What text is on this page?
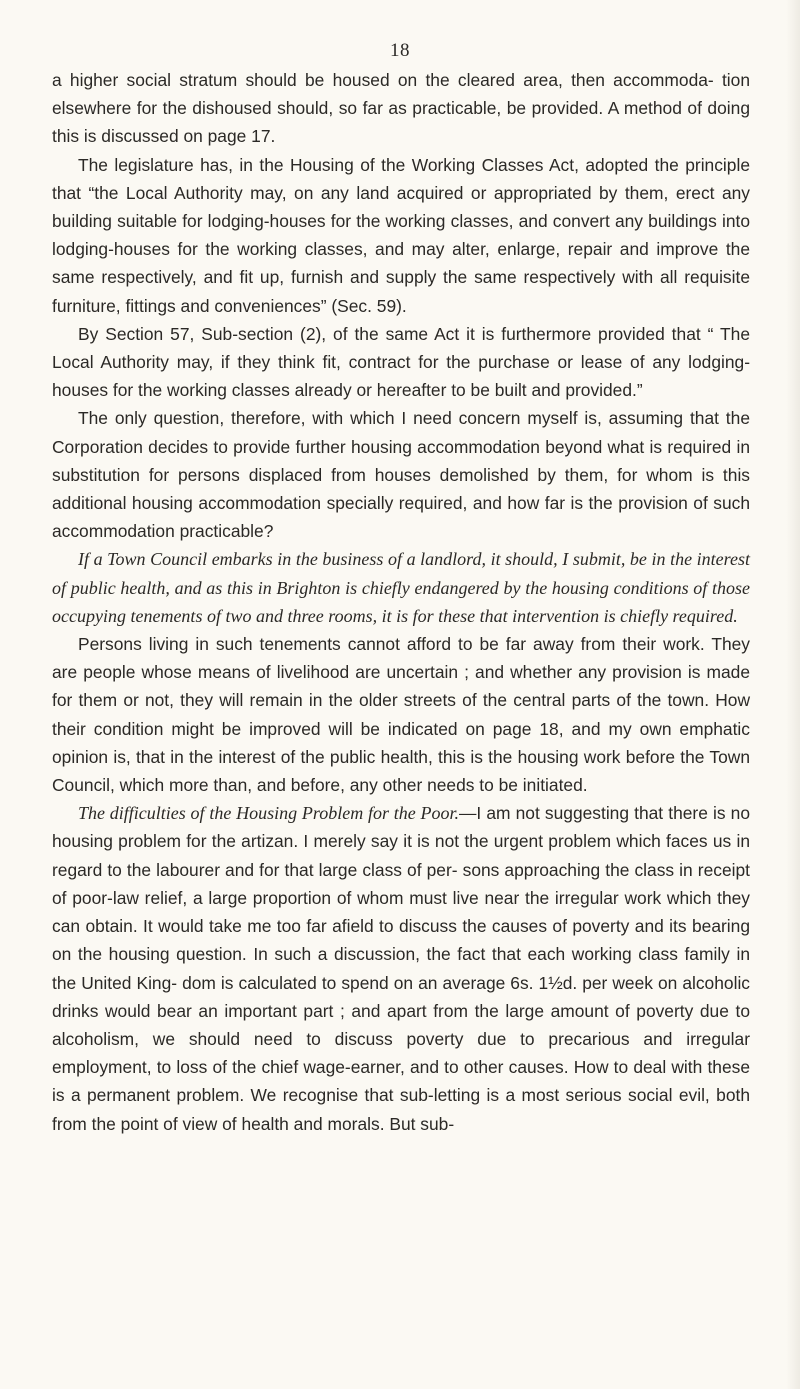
18

a higher social stratum should be housed on the cleared area, then accommoda- tion elsewhere for the dishoused should, so far as practicable, be provided. A method of doing this is discussed on page 17.

The legislature has, in the Housing of the Working Classes Act, adopted the principle that “the Local Authority may, on any land acquired or appropriated by them, erect any building suitable for lodging-houses for the working classes, and convert any buildings into lodging-houses for the working classes, and may alter, enlarge, repair and improve the same respectively, and fit up, furnish and supply the same respectively with all requisite furniture, fittings and conveniences” (Sec. 59).

By Section 57, Sub-section (2), of the same Act it is furthermore provided that “ The Local Authority may, if they think fit, contract for the purchase or lease of any lodging-houses for the working classes already or hereafter to be built and provided.”

The only question, therefore, with which I need concern myself is, assuming that the Corporation decides to provide further housing accommodation beyond what is required in substitution for persons displaced from houses demolished by them, for whom is this additional housing accommodation specially required, and how far is the provision of such accommodation practicable?

If a Town Council embarks in the business of a landlord, it should, I submit, be in the interest of public health, and as this in Brighton is chiefly endangered by the housing conditions of those occupying tenements of two and three rooms, it is for these that intervention is chiefly required.

Persons living in such tenements cannot afford to be far away from their work. They are people whose means of livelihood are uncertain ; and whether any provision is made for them or not, they will remain in the older streets of the central parts of the town. How their condition might be improved will be indicated on page 18, and my own emphatic opinion is, that in the interest of the public health, this is the housing work before the Town Council, which more than, and before, any other needs to be initiated.

The difficulties of the Housing Problem for the Poor.—I am not suggesting that there is no housing problem for the artizan. I merely say it is not the urgent problem which faces us in regard to the labourer and for that large class of per- sons approaching the class in receipt of poor-law relief, a large proportion of whom must live near the irregular work which they can obtain. It would take me too far afield to discuss the causes of poverty and its bearing on the housing question. In such a discussion, the fact that each working class family in the United King- dom is calculated to spend on an average 6s. 1½d. per week on alcoholic drinks would bear an important part ; and apart from the large amount of poverty due to alcoholism, we should need to discuss poverty due to precarious and irregular employment, to loss of the chief wage-earner, and to other causes. How to deal with these is a permanent problem. We recognise that sub-letting is a most serious social evil, both from the point of view of health and morals. But sub-
